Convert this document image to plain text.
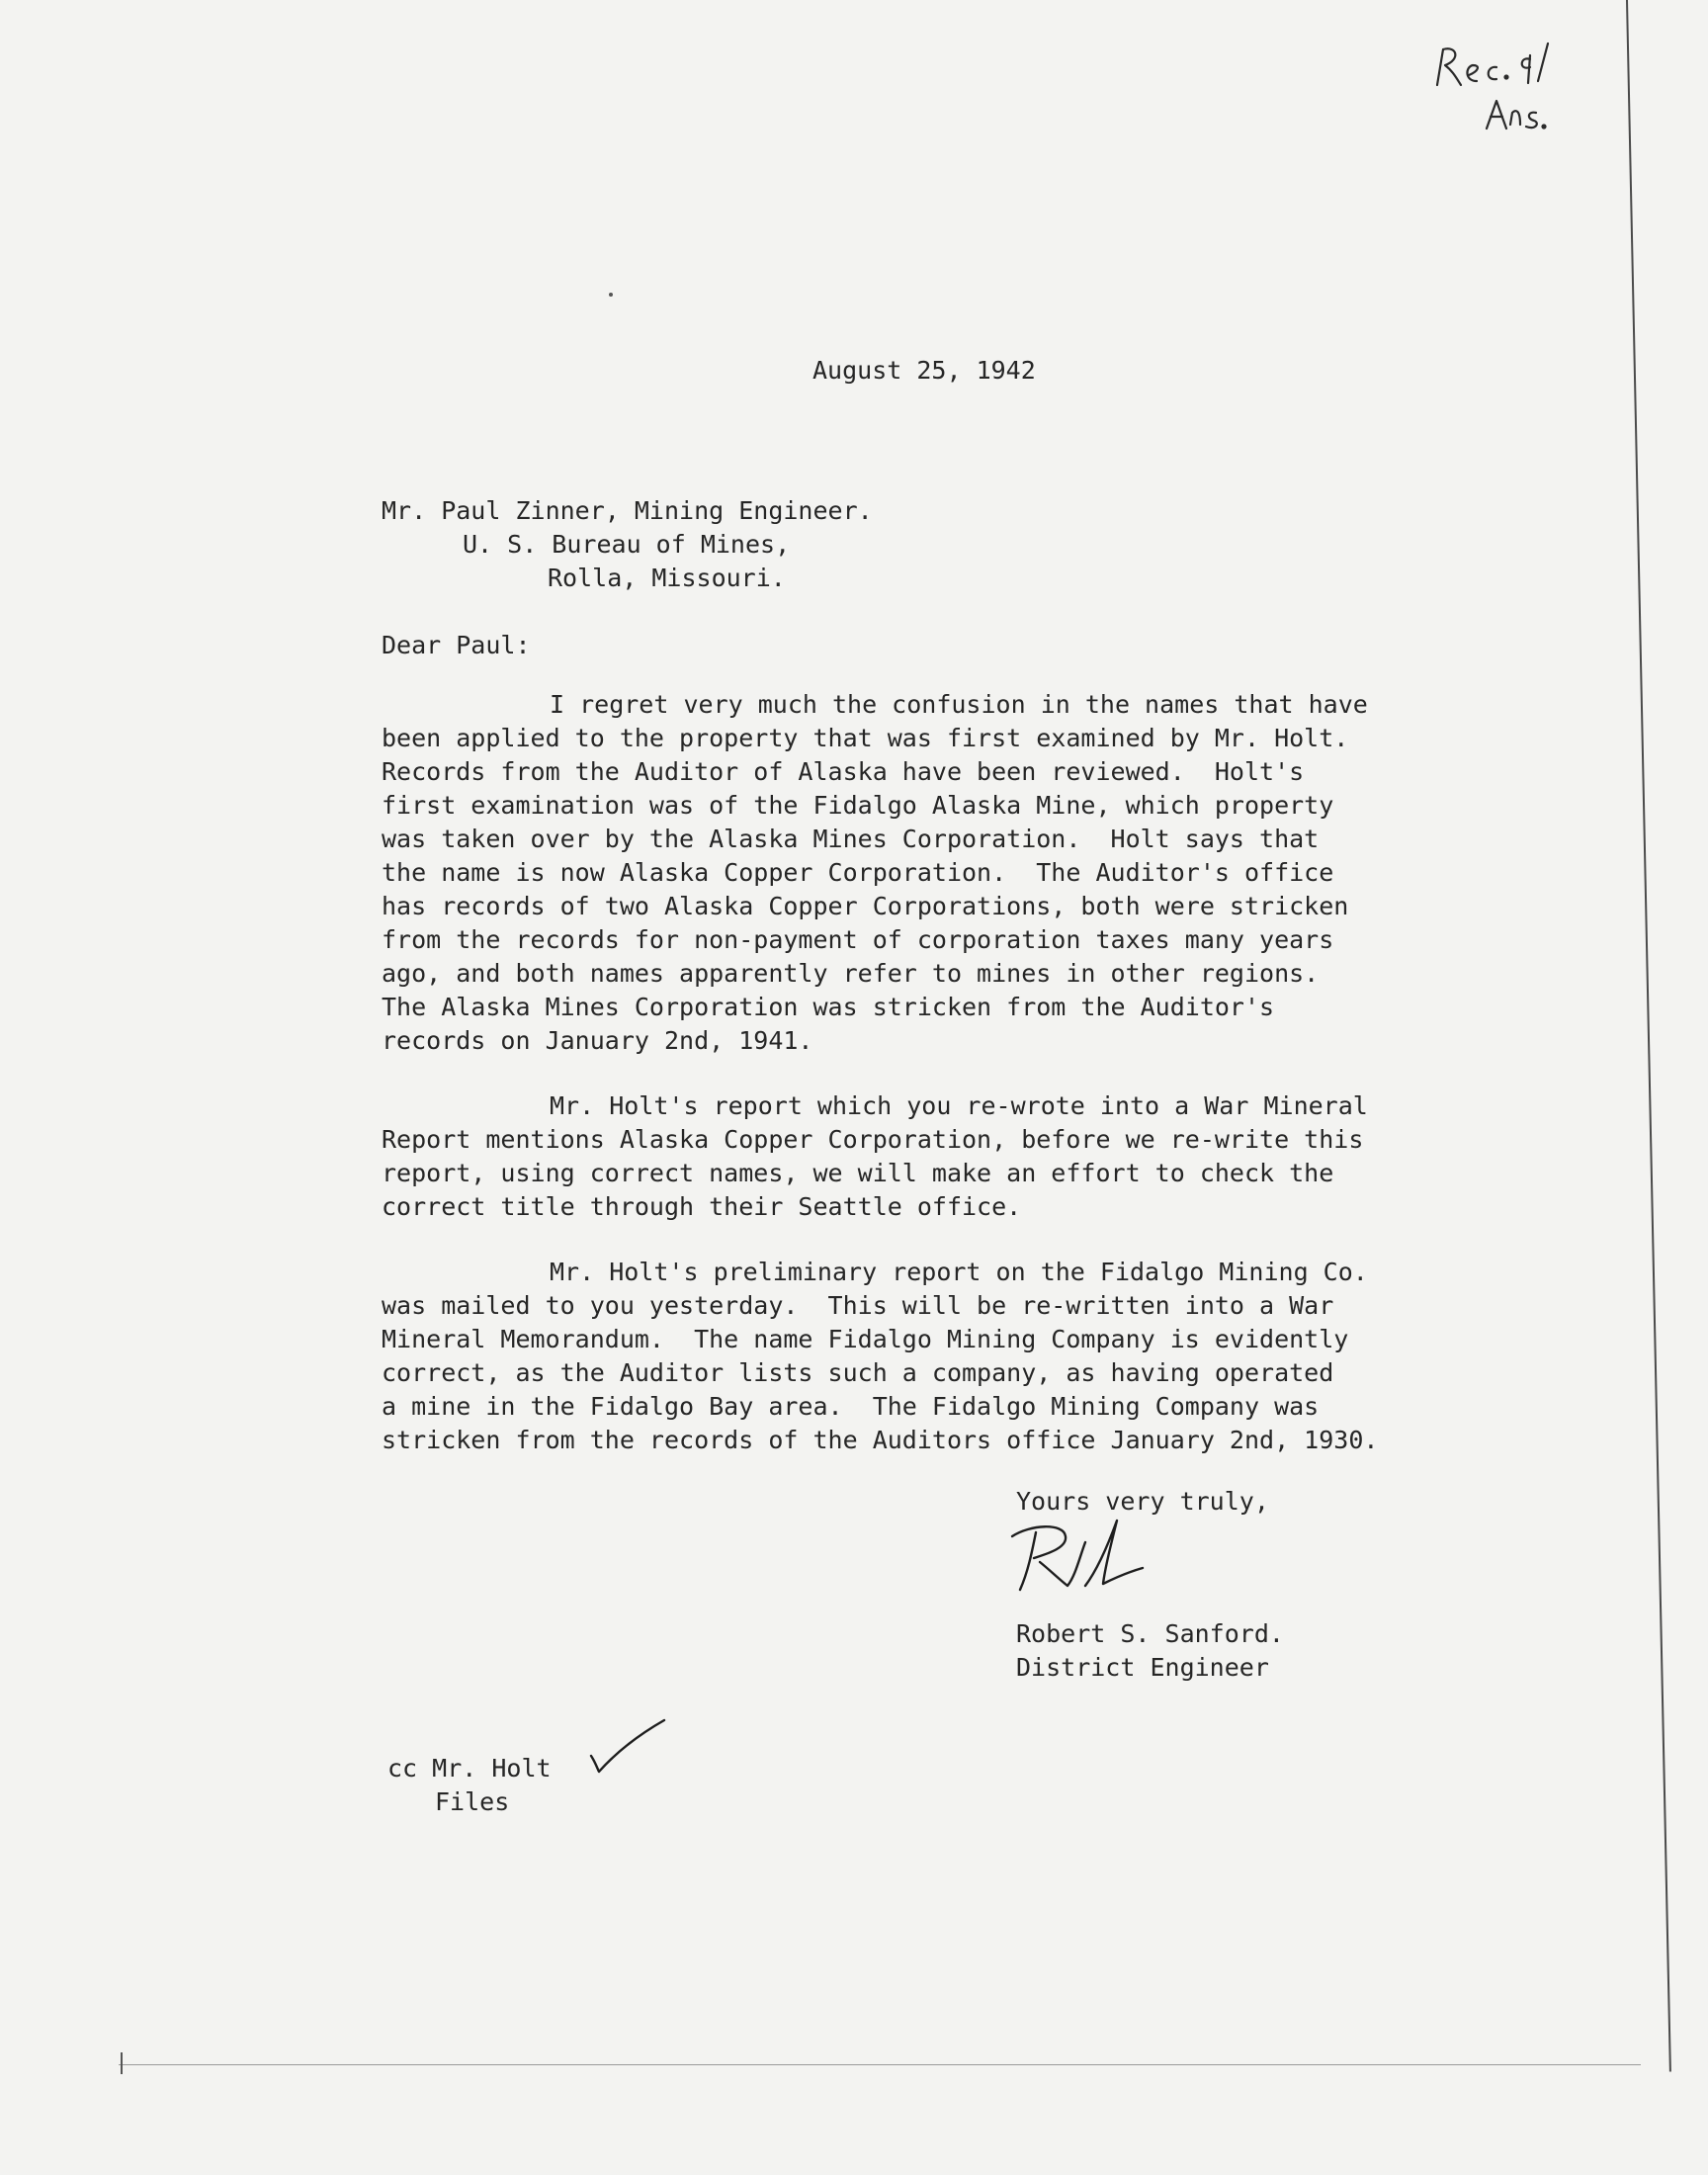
August 25, 1942
Mr. Paul Zinner, Mining Engineer.
U. S. Bureau of Mines,
Rolla, Missouri.
Dear Paul:
I regret very much the confusion in the names that have
been applied to the property that was first examined by Mr. Holt.
Records from the Auditor of Alaska have been reviewed.  Holt's
first examination was of the Fidalgo Alaska Mine, which property
was taken over by the Alaska Mines Corporation.  Holt says that
the name is now Alaska Copper Corporation.  The Auditor's office
has records of two Alaska Copper Corporations, both were stricken
from the records for non-payment of corporation taxes many years
ago, and both names apparently refer to mines in other regions.
The Alaska Mines Corporation was stricken from the Auditor's
records on January 2nd, 1941.
Mr. Holt's report which you re-wrote into a War Mineral
Report mentions Alaska Copper Corporation, before we re-write this
report, using correct names, we will make an effort to check the
correct title through their Seattle office.
Mr. Holt's preliminary report on the Fidalgo Mining Co.
was mailed to you yesterday.  This will be re-written into a War
Mineral Memorandum.  The name Fidalgo Mining Company is evidently
correct, as the Auditor lists such a company, as having operated
a mine in the Fidalgo Bay area.  The Fidalgo Mining Company was
stricken from the records of the Auditors office January 2nd, 1930.
Yours very truly,
Robert S. Sanford.
District Engineer
cc Mr. Holt
Files
